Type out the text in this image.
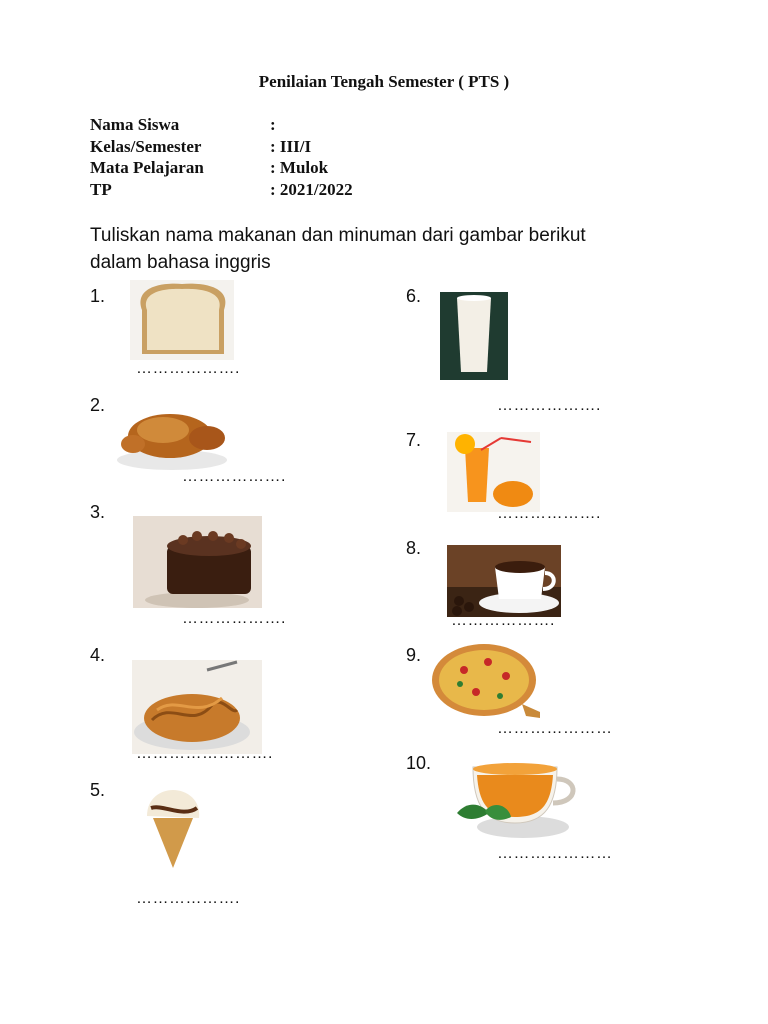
Penilaian Tengah Semester ( PTS )
Nama Siswa	:
Kelas/Semester	: III/I
Mata Pelajaran	: Mulok
TP	: 2021/2022
Tuliskan nama makanan dan minuman dari gambar berikut
dalam bahasa inggris
1.
……………….
2.
……………….
3.
……………….
4.
…………………….
5.
……………….
6.
……………….
7.
……………….
8.
……………….
9.
…………………
10.
…………………
